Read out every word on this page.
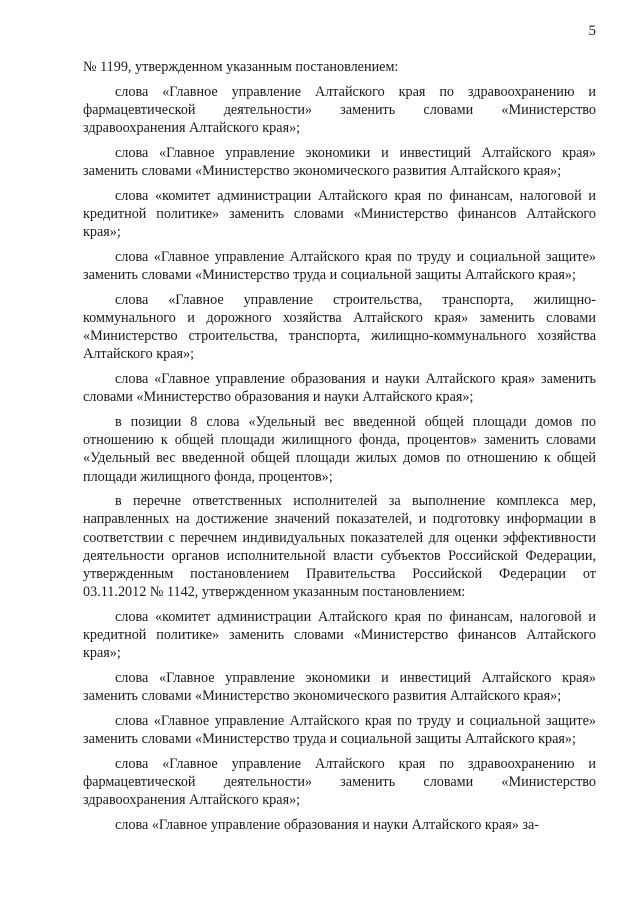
5

№ 1199, утвержденном указанным постановлением:

слова «Главное управление Алтайского края по здравоохранению и фармацевтической деятельности» заменить словами «Министерство здравоохранения Алтайского края»;

слова «Главное управление экономики и инвестиций Алтайского края» заменить словами «Министерство экономического развития Алтайского края»;

слова «комитет администрации Алтайского края по финансам, налоговой и кредитной политике» заменить словами «Министерство финансов Алтайского края»;

слова «Главное управление Алтайского края по труду и социальной защите» заменить словами «Министерство труда и социальной защиты Алтайского края»;

слова «Главное управление строительства, транспорта, жилищно-коммунального и дорожного хозяйства Алтайского края» заменить словами «Министерство строительства, транспорта, жилищно-коммунального хозяйства Алтайского края»;

слова «Главное управление образования и науки Алтайского края» заменить словами «Министерство образования и науки Алтайского края»;

в позиции 8 слова «Удельный вес введенной общей площади домов по отношению к общей площади жилищного фонда, процентов» заменить словами «Удельный вес введенной общей площади жилых домов по отношению к общей площади жилищного фонда, процентов»;

в перечне ответственных исполнителей за выполнение комплекса мер, направленных на достижение значений показателей, и подготовку информации в соответствии с перечнем индивидуальных показателей для оценки эффективности деятельности органов исполнительной власти субъектов Российской Федерации, утвержденным постановлением Правительства Российской Федерации от 03.11.2012 № 1142, утвержденном указанным постановлением:

слова «комитет администрации Алтайского края по финансам, налоговой и кредитной политике» заменить словами «Министерство финансов Алтайского края»;

слова «Главное управление экономики и инвестиций Алтайского края» заменить словами «Министерство экономического развития Алтайского края»;

слова «Главное управление Алтайского края по труду и социальной защите» заменить словами «Министерство труда и социальной защиты Алтайского края»;

слова «Главное управление Алтайского края по здравоохранению и фармацевтической деятельности» заменить словами «Министерство здравоохранения Алтайского края»;

слова «Главное управление образования и науки Алтайского края» за-
